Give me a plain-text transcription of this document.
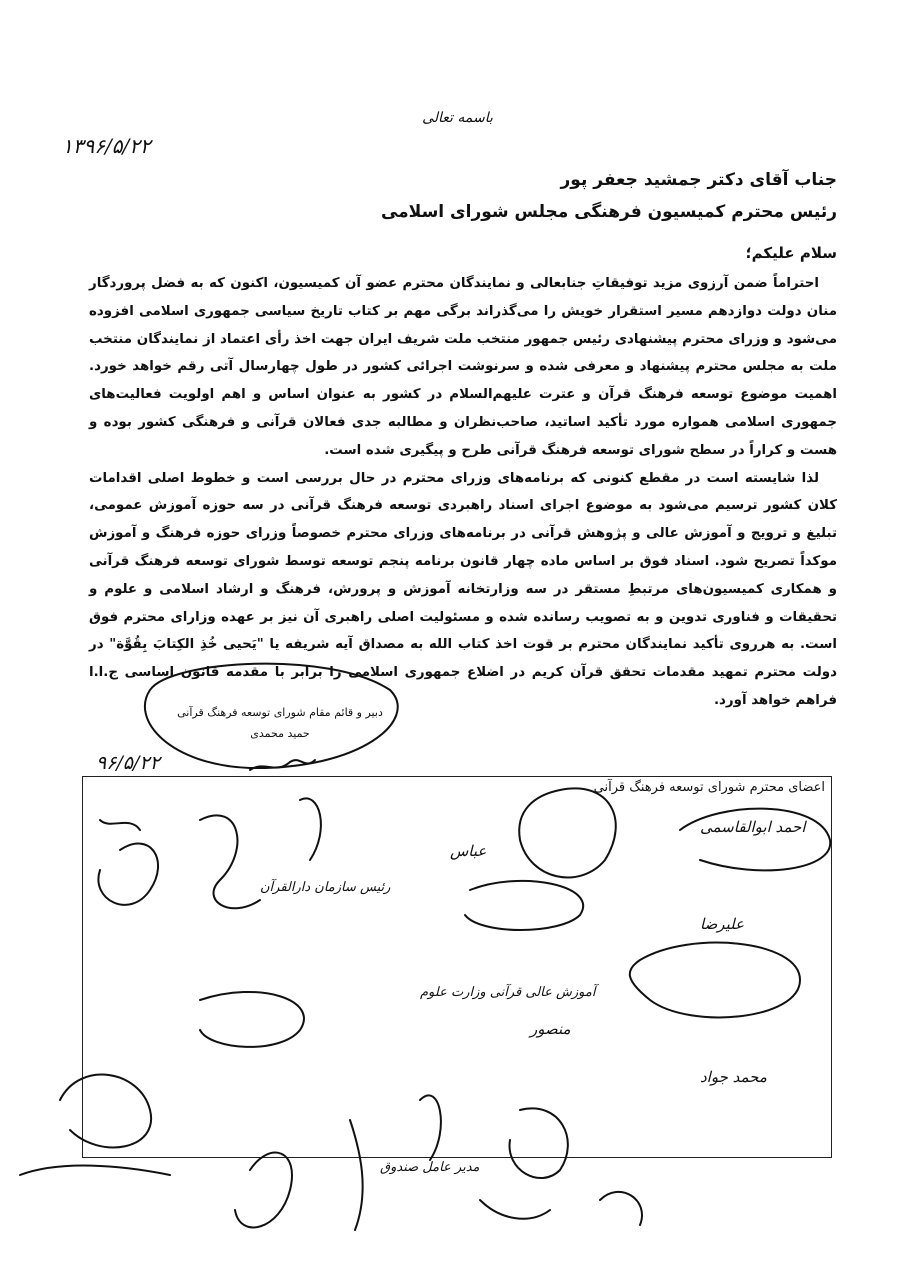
باسمه تعالی
۱۳۹۶/۵/۲۲
جناب آقای دکتر جمشید جعفر پور
رئیس محترم کمیسیون فرهنگی مجلس شورای اسلامی
سلام علیکم؛

احتراماً ضمن آرزوی مزید توفیقاتِ جنابعالی و نمایندگان محترم عضو آن کمیسیون، اکنون که به فضل پروردگار منان دولت دوازدهم مسیر استقرار خویش را می‌گذراند برگی مهم بر کتاب تاریخ سیاسی جمهوری اسلامی افزوده می‌شود و وزرای محترم پیشنهادی رئیس جمهور منتخب ملت شریف ایران جهت اخذ رأی اعتماد از نمایندگان منتخب ملت به مجلس محترم پیشنهاد و معرفی شده و سرنوشت اجرائی کشور در طول چهارسال آتی رقم خواهد خورد. اهمیت موضوع توسعه فرهنگ قرآن و عترت علیهم‌السلام در کشور به عنوان اساس و اهم اولویت فعالیت‌های جمهوری اسلامی همواره مورد تأکید اساتید، صاحب‌نظران و مطالبه جدی فعالان قرآنی و فرهنگی کشور بوده و هست و کراراً در سطح شورای توسعه فرهنگ قرآنی طرح و پیگیری شده است.

لذا شایسته است در مقطع کنونی که برنامه‌های وزرای محترم در حال بررسی است و خطوط اصلی اقدامات کلان کشور ترسیم می‌شود به موضوع اجرای اسناد راهبردی توسعه فرهنگ قرآنی در سه حوزه آموزش عمومی، تبلیغ و ترویج و آموزش عالی و پژوهش قرآنی در برنامه‌های وزرای محترم خصوصاً وزرای حوزه فرهنگ و آموزش موکداً تصریح شود. اسناد فوق بر اساس ماده چهار قانون برنامه پنجم توسعه توسط شورای توسعه فرهنگ قرآنی و همکاری کمیسیون‌های مرتبطِ مستقر در سه وزارتخانه آموزش و پرورش، فرهنگ و ارشاد اسلامی و علوم و تحقیقات و فناوری تدوین و به تصویب رسانده شده و مسئولیت اصلی راهبری آن نیز بر عهده وزارای محترم فوق است. به هرروی تأکید نمایندگان محترم بر قوت اخذ کتاب الله به مصداق آیه شریفه یا "یَحیی خُذِ الکِتابَ بِقُوَّة" در دولت محترم تمهید مقدمات تحقق قرآن کریم در اضلاع جمهوری اسلامی را برابر با مقدمه قانون اساسی ج.ا.ا فراهم خواهد آورد.

دبیر و قائم مقام شورای توسعه فرهنگ قرآنی
حمید محمدی
۹۶/۵/۲۲
اعضای محترم شورای توسعه فرهنگ قرآنی
احمد ابوالقاسمی
عباس
علیرضا
منصور
محمد جواد
آموزش عالی قرآنی وزارت علوم
رئیس سازمان دارالقرآن
مدیر عامل صندوق
